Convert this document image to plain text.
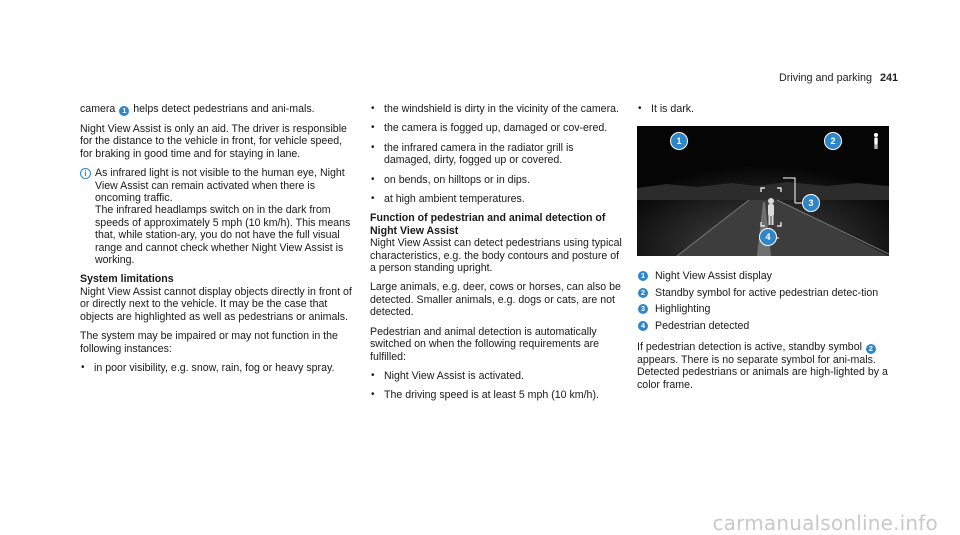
Driving and parking 241

camera 1 helps detect pedestrians and ani-mals.

Night View Assist is only an aid. The driver is responsible for the distance to the vehicle in front, for vehicle speed, for braking in good time and for staying in lane.

i As infrared light is not visible to the human eye, Night View Assist can remain activated when there is oncoming traffic.
The infrared headlamps switch on in the dark from speeds of approximately 5 mph (10 km/h). This means that, while station-ary, you do not have the full visual range and cannot check whether Night View Assist is working.

System limitations
Night View Assist cannot display objects directly in front of or directly next to the vehicle. It may be the case that objects are highlighted as well as pedestrians or animals.

The system may be impaired or may not function in the following instances:

• in poor visibility, e.g. snow, rain, fog or heavy spray.
• the windshield is dirty in the vicinity of the camera.
• the camera is fogged up, damaged or cov-ered.
• the infrared camera in the radiator grill is damaged, dirty, fogged up or covered.
• on bends, on hilltops or in dips.
• at high ambient temperatures.

Function of pedestrian and animal detection of Night View Assist
Night View Assist can detect pedestrians using typical characteristics, e.g. the body contours and posture of a person standing upright.

Large animals, e.g. deer, cows or horses, can also be detected. Smaller animals, e.g. dogs or cats, are not detected.

Pedestrian and animal detection is automatically switched on when the following requirements are fulfilled:

• Night View Assist is activated.
• The driving speed is at least 5 mph (10 km/h).
• It is dark.
1	2
3
4
1 Night View Assist display
2 Standby symbol for active pedestrian detec-tion
3 Highlighting
4 Pedestrian detected

If pedestrian detection is active, standby symbol 2 appears. There is no separate symbol for ani-mals. Detected pedestrians or animals are high-lighted by a color frame.

carmanualsonline.info
